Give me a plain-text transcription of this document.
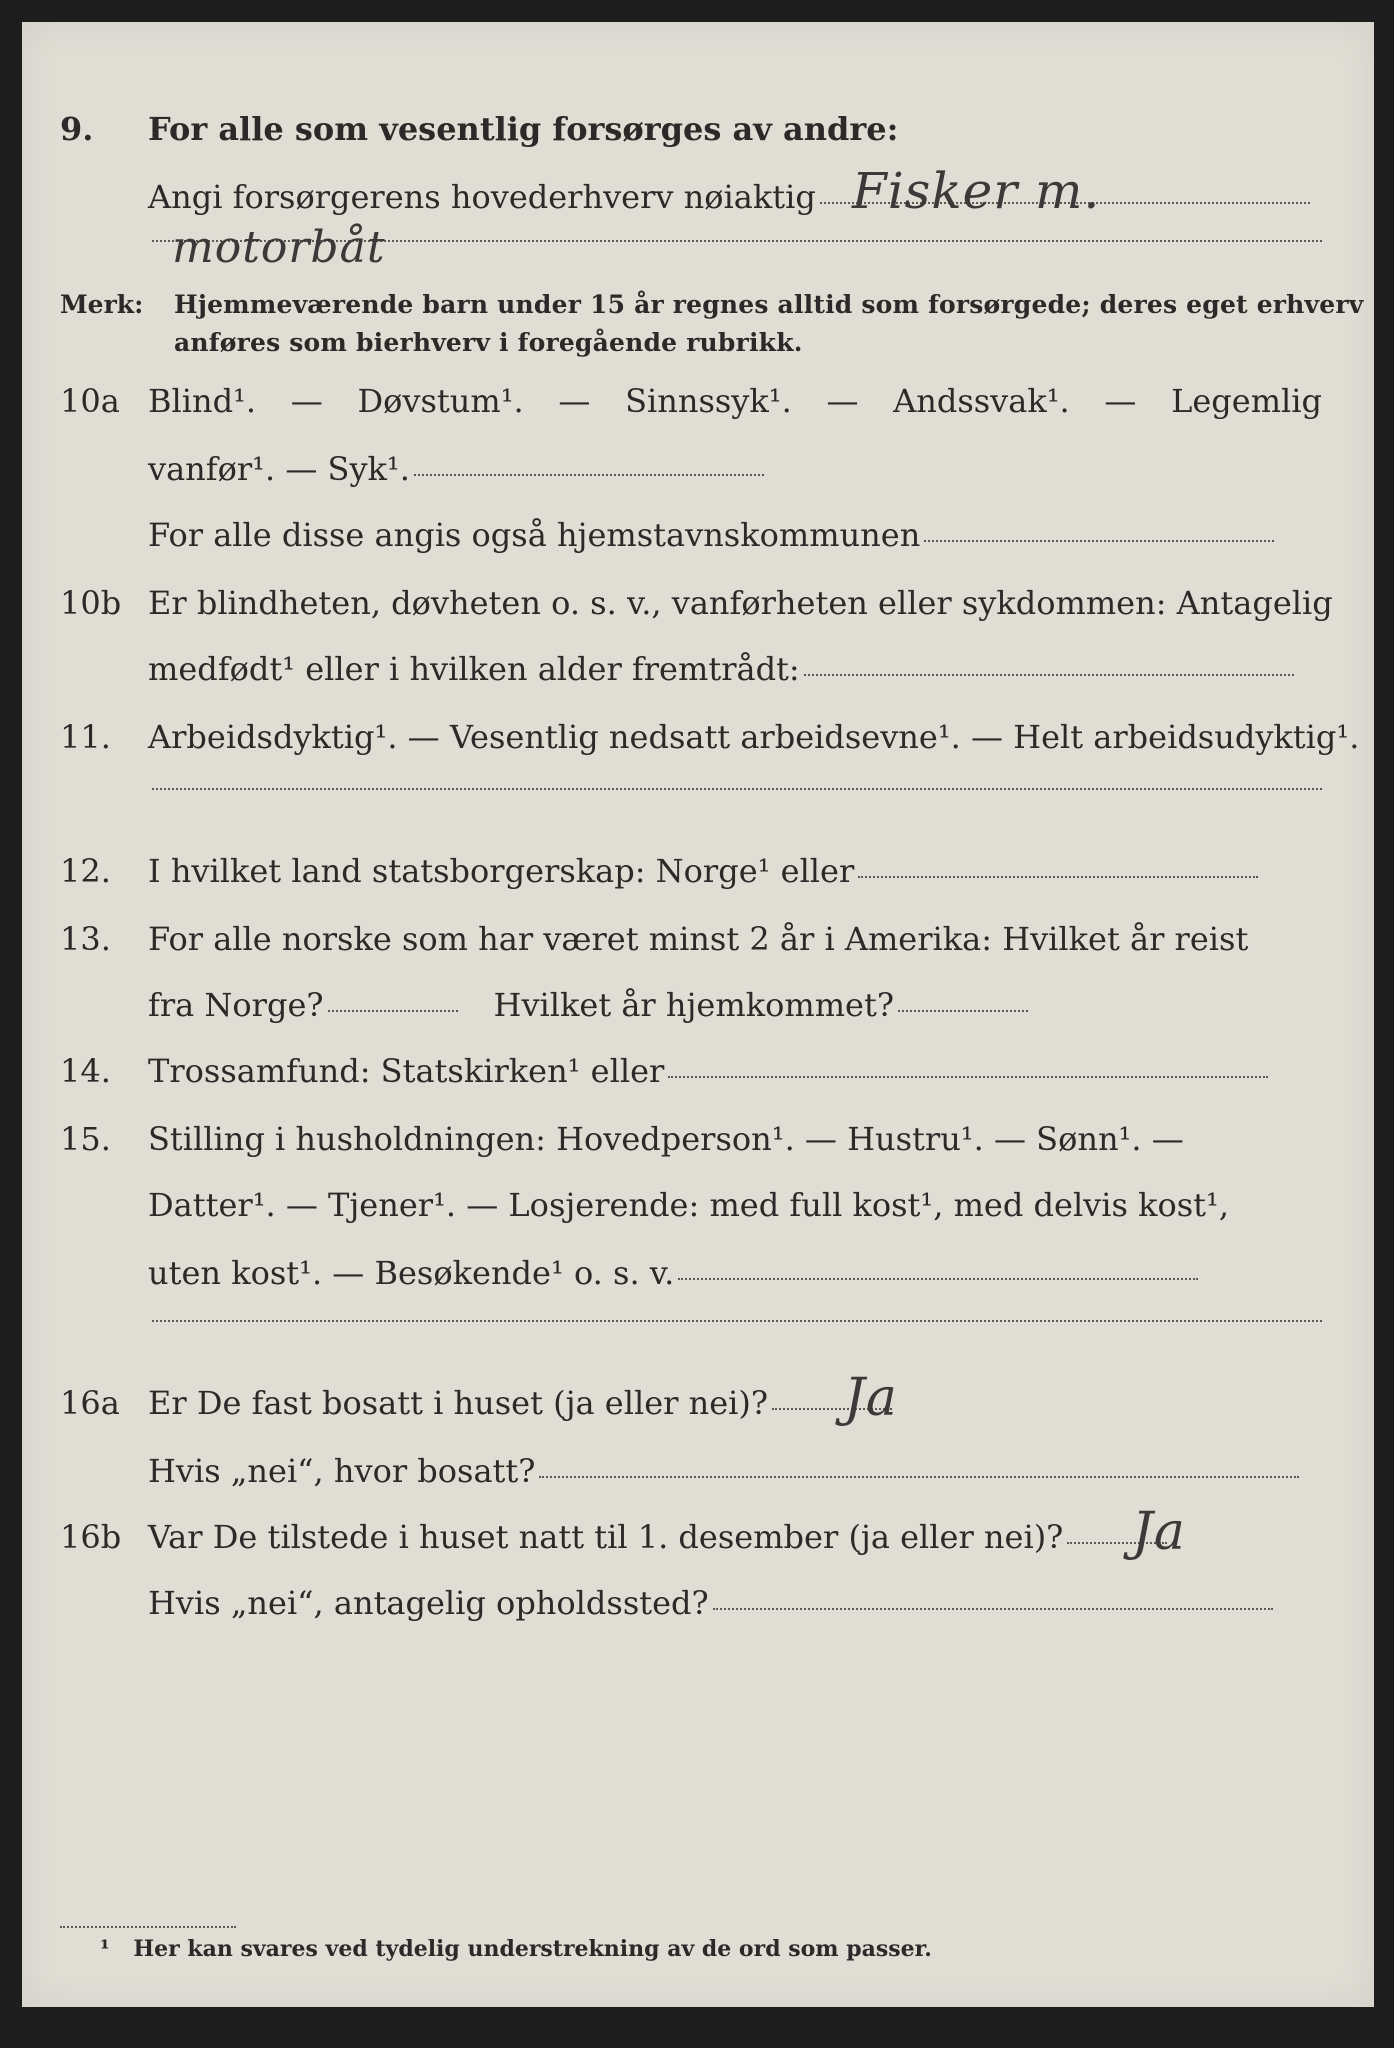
9. For alle som vesentlig forsørges av andre:
Angi forsørgerens hovederhverv nøiaktig Fisker m.
motorbåt
Merk: Hjemmeværende barn under 15 år regnes alltid som forsørgede; deres eget erhverv
anføres som bierhverv i foregående rubrikk.
10a Blind¹. — Døvstum¹. — Sinnssyk¹. — Andssvak¹. — Legemlig
vanfør¹. — Syk¹.
For alle disse angis også hjemstavnskommunen
10b Er blindheten, døvheten o. s. v., vanførheten eller sykdommen: Antagelig
medfødt¹ eller i hvilken alder fremtrådt:
11. Arbeidsdyktig¹. — Vesentlig nedsatt arbeidsevne¹. — Helt arbeidsudyktig¹.
12. I hvilket land statsborgerskap: Norge¹ eller
13. For alle norske som har været minst 2 år i Amerika: Hvilket år reist
fra Norge?	Hvilket år hjemkommet?
14. Trossamfund: Statskirken¹ eller
15. Stilling i husholdningen: Hovedperson¹. — Hustru¹. — Sønn¹. —
Datter¹. — Tjener¹. — Losjerende: med full kost¹, med delvis kost¹,
uten kost¹. — Besøkende¹ o. s. v.
16a Er De fast bosatt i huset (ja eller nei)? Ja
Hvis „nei“, hvor bosatt?
16b Var De tilstede i huset natt til 1. desember (ja eller nei)? Ja
Hvis „nei“, antagelig opholdssted?
¹ Her kan svares ved tydelig understrekning av de ord som passer.
